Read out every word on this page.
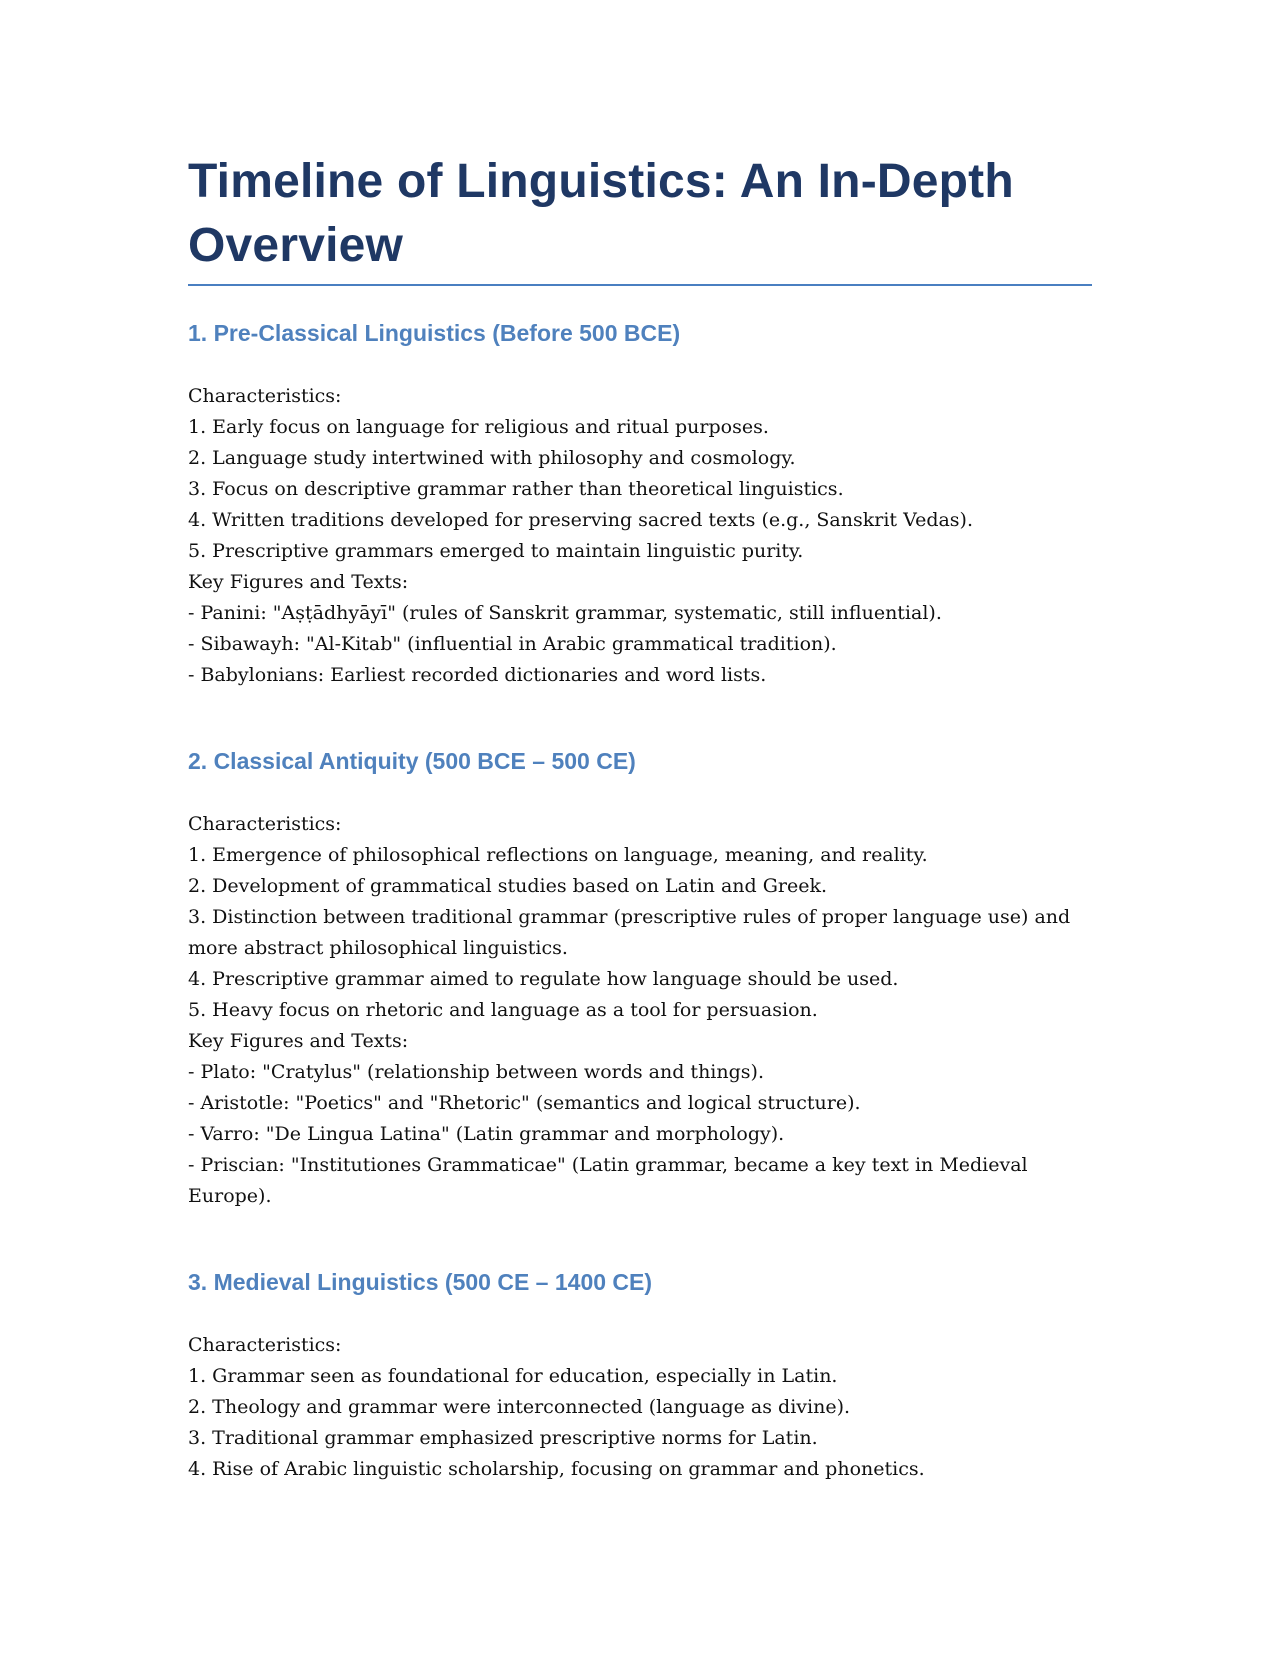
Timeline of Linguistics: An In-Depth Overview
1. Pre-Classical Linguistics (Before 500 BCE)
Characteristics:
1. Early focus on language for religious and ritual purposes.
2. Language study intertwined with philosophy and cosmology.
3. Focus on descriptive grammar rather than theoretical linguistics.
4. Written traditions developed for preserving sacred texts (e.g., Sanskrit Vedas).
5. Prescriptive grammars emerged to maintain linguistic purity.
Key Figures and Texts:
- Panini: "Aṣṭādhyāyī" (rules of Sanskrit grammar, systematic, still influential).
- Sibawayh: "Al-Kitab" (influential in Arabic grammatical tradition).
- Babylonians: Earliest recorded dictionaries and word lists.
2. Classical Antiquity (500 BCE – 500 CE)
Characteristics:
1. Emergence of philosophical reflections on language, meaning, and reality.
2. Development of grammatical studies based on Latin and Greek.
3. Distinction between traditional grammar (prescriptive rules of proper language use) and more abstract philosophical linguistics.
4. Prescriptive grammar aimed to regulate how language should be used.
5. Heavy focus on rhetoric and language as a tool for persuasion.
Key Figures and Texts:
- Plato: "Cratylus" (relationship between words and things).
- Aristotle: "Poetics" and "Rhetoric" (semantics and logical structure).
- Varro: "De Lingua Latina" (Latin grammar and morphology).
- Priscian: "Institutiones Grammaticae" (Latin grammar, became a key text in Medieval Europe).
3. Medieval Linguistics (500 CE – 1400 CE)
Characteristics:
1. Grammar seen as foundational for education, especially in Latin.
2. Theology and grammar were interconnected (language as divine).
3. Traditional grammar emphasized prescriptive norms for Latin.
4. Rise of Arabic linguistic scholarship, focusing on grammar and phonetics.
